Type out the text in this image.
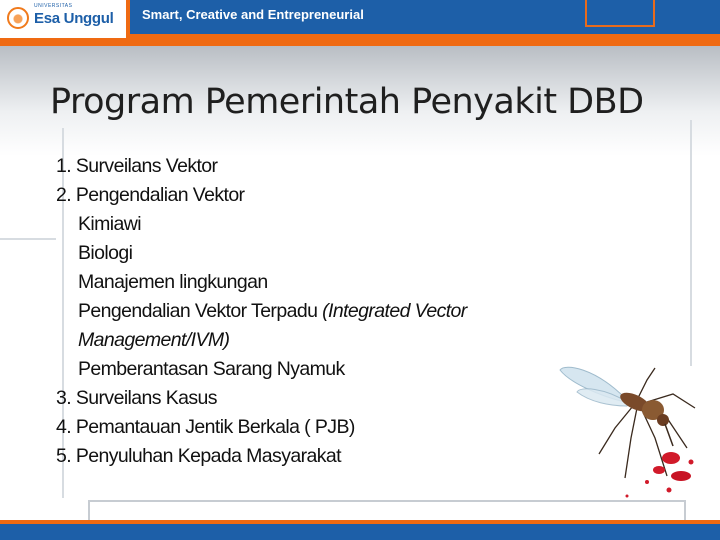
UNIVERSITAS
Esa Unggul Smart, Creative and Entrepreneurial
Program Pemerintah Penyakit DBD
1. Surveilans Vektor
2. Pengendalian Vektor
Kimiawi
Biologi
Manajemen lingkungan
Pengendalian Vektor Terpadu (Integrated Vector
Management/IVM)
Pemberantasan Sarang Nyamuk
3. Surveilans Kasus
4. Pemantauan Jentik Berkala ( PJB)
5. Penyuluhan Kepada Masyarakat
